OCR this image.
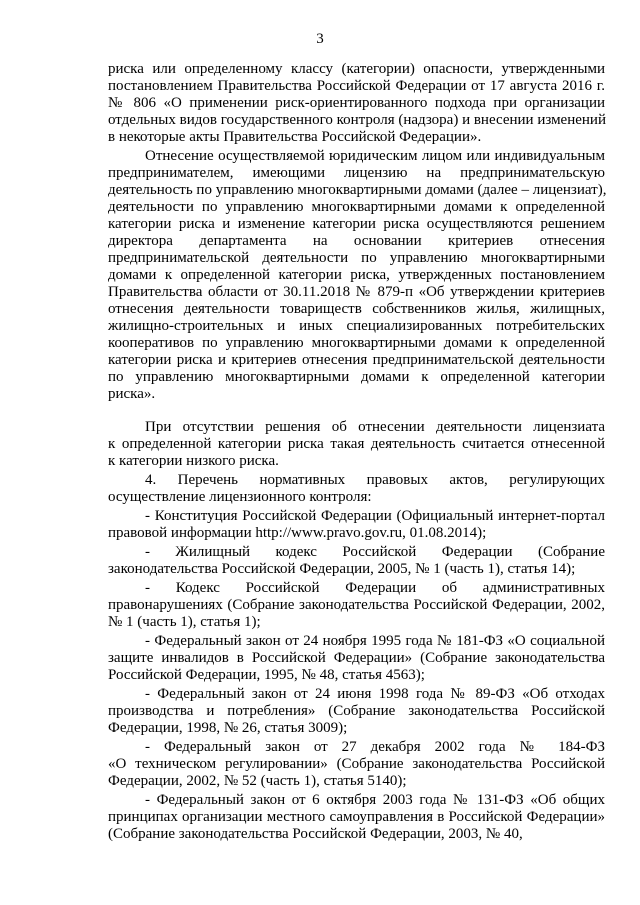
3
риска или определенному классу (категории) опасности, утвержденными
постановлением Правительства Российской Федерации от 17 августа 2016 г.
№ 806 «О применении риск-ориентированного подхода при организации
отдельных видов государственного контроля (надзора) и внесении изменений
в некоторые акты Правительства Российской Федерации».
Отнесение осуществляемой юридическим лицом или индивидуальным
предпринимателем, имеющими лицензию на предпринимательскую
деятельность по управлению многоквартирными домами (далее – лицензиат),
деятельности по управлению многоквартирными домами к определенной
категории риска и изменение категории риска осуществляются решением
директора департамента на основании критериев отнесения
предпринимательской деятельности по управлению многоквартирными
домами к определенной категории риска, утвержденных постановлением
Правительства области от 30.11.2018 № 879-п «Об утверждении критериев
отнесения деятельности товариществ собственников жилья, жилищных,
жилищно-строительных и иных специализированных потребительских
кооперативов по управлению многоквартирными домами к определенной
категории риска и критериев отнесения предпринимательской деятельности
по управлению многоквартирными домами к определенной категории
риска».
При отсутствии решения об отнесении деятельности лицензиата
к определенной категории риска такая деятельность считается отнесенной
к категории низкого риска.
4. Перечень нормативных правовых актов, регулирующих
осуществление лицензионного контроля:
- Конституция Российской Федерации (Официальный интернет-портал
правовой информации http://www.pravo.gov.ru, 01.08.2014);
- Жилищный кодекс Российской Федерации (Собрание
законодательства Российской Федерации, 2005, № 1 (часть 1), статья 14);
- Кодекс Российской Федерации об административных
правонарушениях (Собрание законодательства Российской Федерации, 2002,
№ 1 (часть 1), статья 1);
- Федеральный закон от 24 ноября 1995 года № 181-ФЗ «О социальной
защите инвалидов в Российской Федерации» (Собрание законодательства
Российской Федерации, 1995, № 48, статья 4563);
- Федеральный закон от 24 июня 1998 года № 89-ФЗ «Об отходах
производства и потребления» (Собрание законодательства Российской
Федерации, 1998, № 26, статья 3009);
- Федеральный закон от 27 декабря 2002 года № 184-ФЗ
«О техническом регулировании» (Собрание законодательства Российской
Федерации, 2002, № 52 (часть 1), статья 5140);
- Федеральный закон от 6 октября 2003 года № 131-ФЗ «Об общих
принципах организации местного самоуправления в Российской Федерации»
(Собрание законодательства Российской Федерации, 2003, № 40,
